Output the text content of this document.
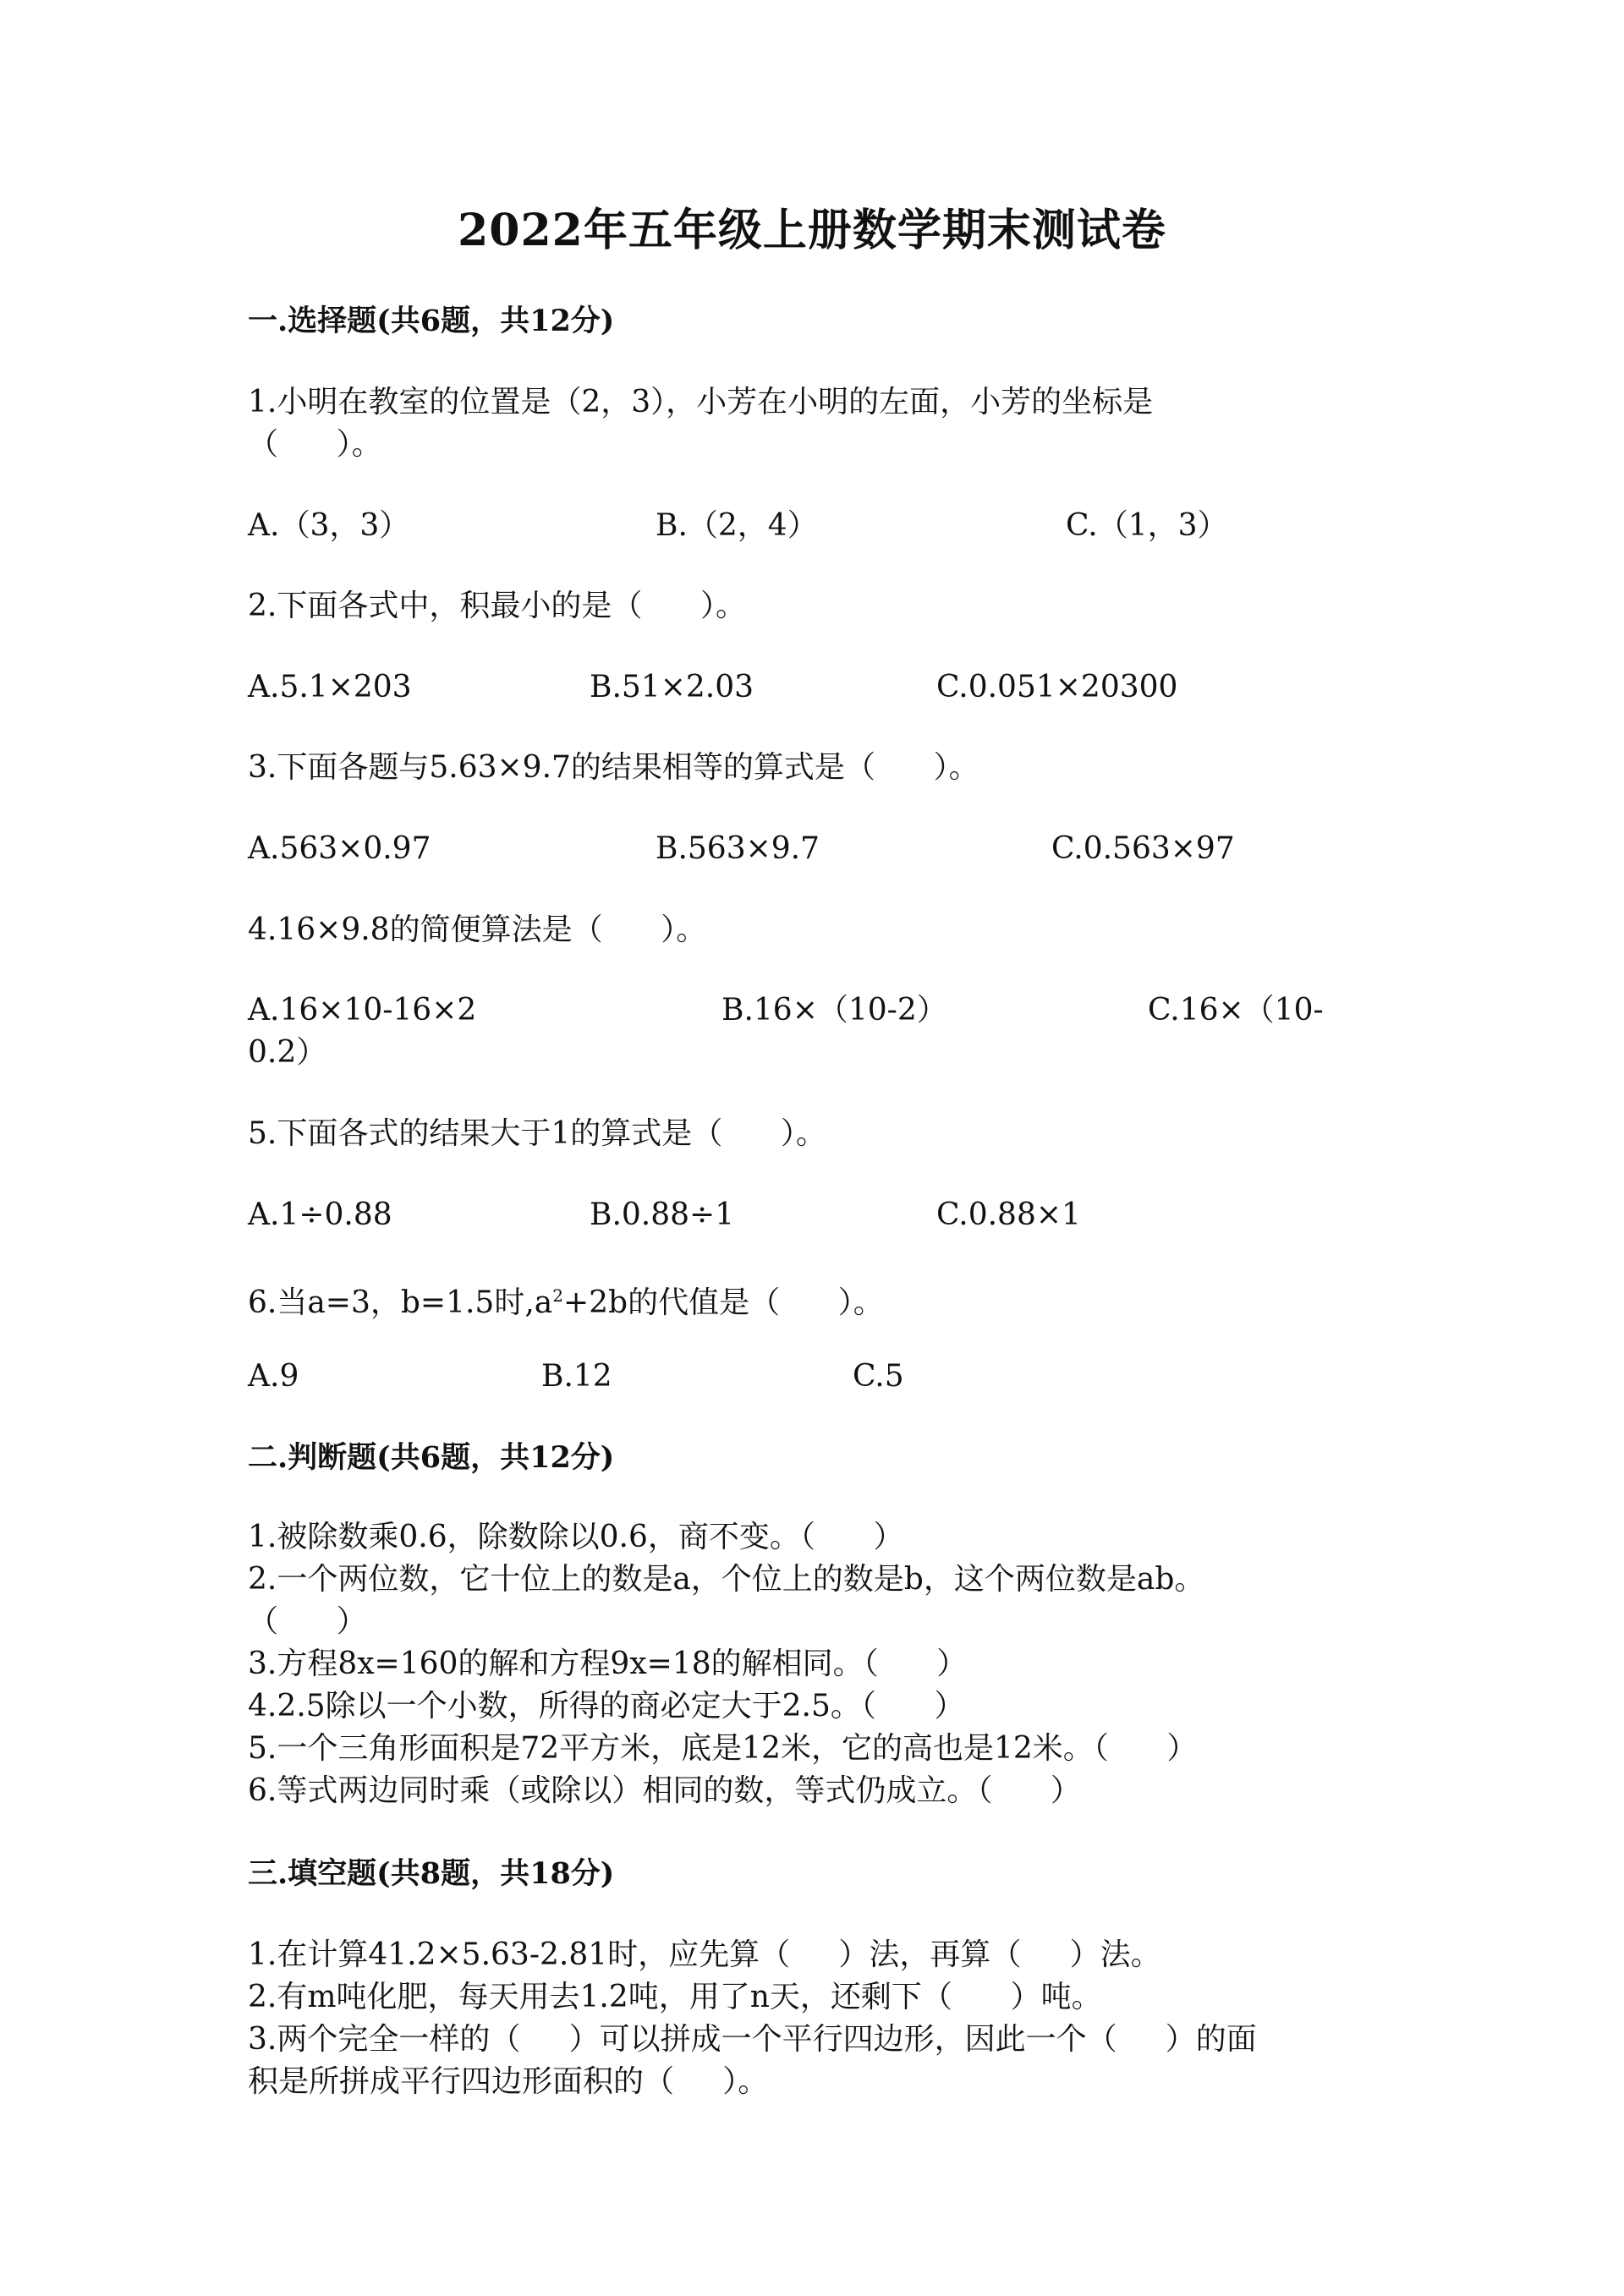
2022年五年级上册数学期末测试卷
一.选择题(共6题，共12分)
1.小明在教室的位置是（2，3），小芳在小明的左面，小芳的坐标是
（      ）。
A.（3，3）	B.（2，4）	C.（1，3）
2.下面各式中，积最小的是（      ）。
A.5.1×203	B.51×2.03	C.0.051×20300
3.下面各题与5.63×9.7的结果相等的算式是（      ）。
A.563×0.97	B.563×9.7	C.0.563×97
4.16×9.8的简便算法是（      ）。
A.16×10-16×2	B.16×（10-2）	C.16×（10-
0.2）
5.下面各式的结果大于1的算式是（      ）。
A.1÷0.88	B.0.88÷1	C.0.88×1
6.当a=3，b=1.5时$,a^2+2b$的代值是（      ）。
A.9	B.12	C.5
二.判断题(共6题，共12分)
1.被除数乘0.6，除数除以0.6，商不变。（      ）
2.一个两位数，它十位上的数是a，个位上的数是b，这个两位数是ab。
（      ）
3.方程8x=160的解和方程9x=18的解相同。（      ）
4.2.5除以一个小数，所得的商必定大于2.5。（      ）
5.一个三角形面积是72平方米，底是12米，它的高也是12米。（      ）
6.等式两边同时乘（或除以）相同的数，等式仍成立。（      ）
三.填空题(共8题，共18分)
1.在计算41.2×5.63-2.81时，应先算（     ）法，再算（     ）法。
2.有m吨化肥，每天用去1.2吨，用了n天，还剩下（      ）吨。
3.两个完全一样的（     ）可以拼成一个平行四边形，因此一个（     ）的面
积是所拼成平行四边形面积的（     ）。
